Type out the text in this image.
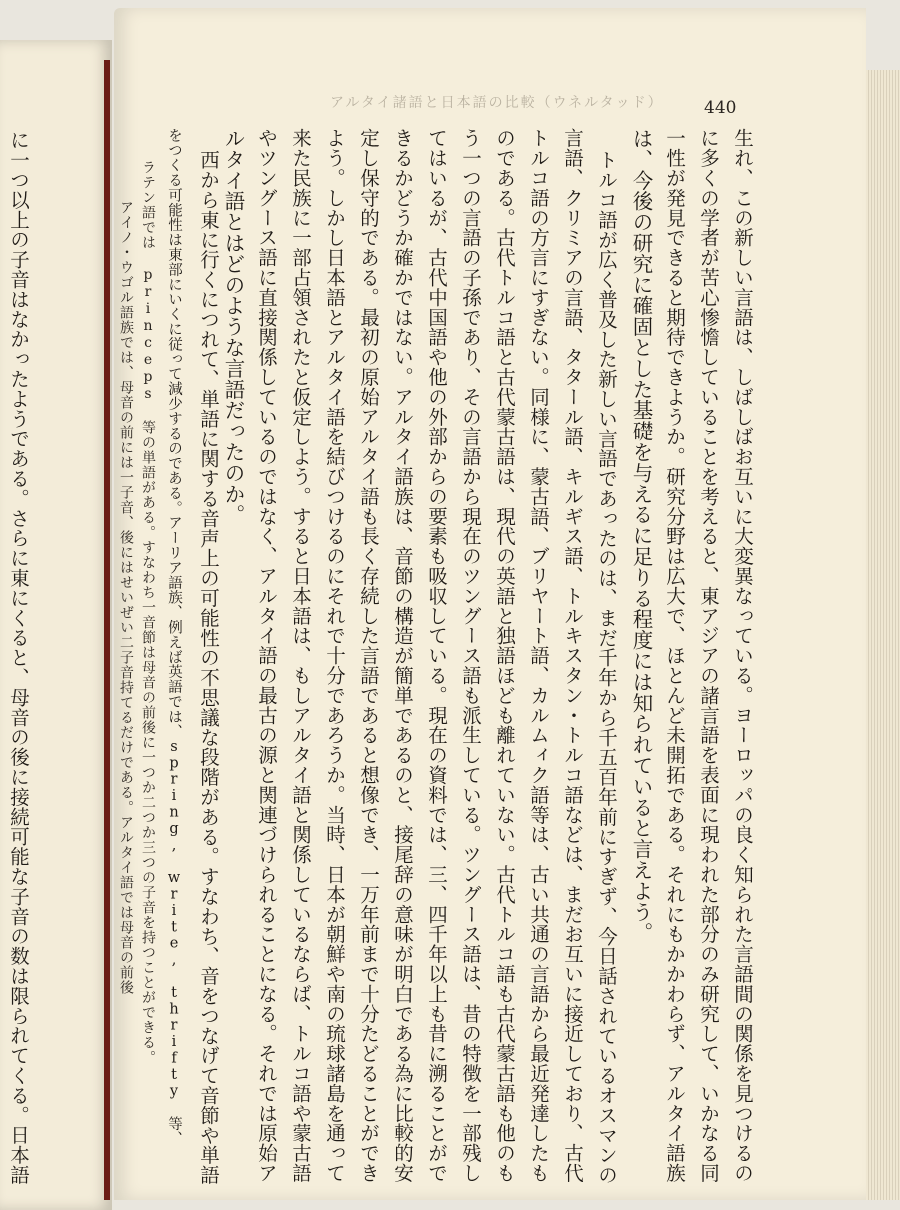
アルタイ諸語と日本語の比較（ウネルタッド） 440
生れ、この新しい言語は、しばしばお互いに大変異なっている。ヨーロッパの良く知られた言語間の関係を見つけるの
に多くの学者が苦心惨憺していることを考えると、東アジアの諸言語を表面に現われた部分のみ研究して、いかなる同
一性が発見できると期待できようか。研究分野は広大で、ほとんど未開拓である。それにもかかわらず、アルタイ語族
は、今後の研究に確固とした基礎を与えるに足りる程度には知られていると言えよう。
トルコ語が広く普及した新しい言語であったのは、まだ千年から千五百年前にすぎず、今日話されているオスマンの
言語、クリミアの言語、タタール語、キルギス語、トルキスタン・トルコ語などは、まだお互いに接近しており、古代
トルコ語の方言にすぎない。同様に、蒙古語、ブリヤート語、カルムィク語等は、古い共通の言語から最近発達したも
のである。古代トルコ語と古代蒙古語は、現代の英語と独語ほども離れていない。古代トルコ語も古代蒙古語も他のも
う一つの言語の子孫であり、その言語から現在のツングース語も派生している。ツングース語は、昔の特徴を一部残し
てはいるが、古代中国語や他の外部からの要素も吸収している。現在の資料では、三、四千年以上も昔に溯ることがで
きるかどうか確かではない。アルタイ語族は、音節の構造が簡単であるのと、接尾辞の意味が明白である為に比較的安
定し保守的である。最初の原始アルタイ語も長く存続した言語であると想像でき、一万年前まで十分たどることができ
よう。しかし日本語とアルタイ語を結びつけるのにそれで十分であろうか。当時、日本が朝鮮や南の琉球諸島を通って
来た民族に一部占領されたと仮定しよう。すると日本語は、もしアルタイ語と関係しているならば、トルコ語や蒙古語
やツングース語に直接関係しているのではなく、アルタイ語の最古の源と関連づけられることになる。それでは原始ア
ルタイ語とはどのような言語だったのか。
西から東に行くにつれて、単語に関する音声上の可能性の不思議な段階がある。すなわち、音をつなげて音節や単語
をつくる可能性は東部にいくに従って減少するのである。アーリア語族、例えば英語では、spring, write, thrifty 等、
ラテン語では princeps 等の単語がある。すなわち一音節は母音の前後に一つか二つか三つの子音を持つことができる。
アイノ・ウゴル語族では、母音の前には一子音、後にはせいぜい二子音持てるだけである。アルタイ語では母音の前後
に一つ以上の子音はなかったようである。さらに東にくると、母音の後に接続可能な子音の数は限られてくる。日本語
